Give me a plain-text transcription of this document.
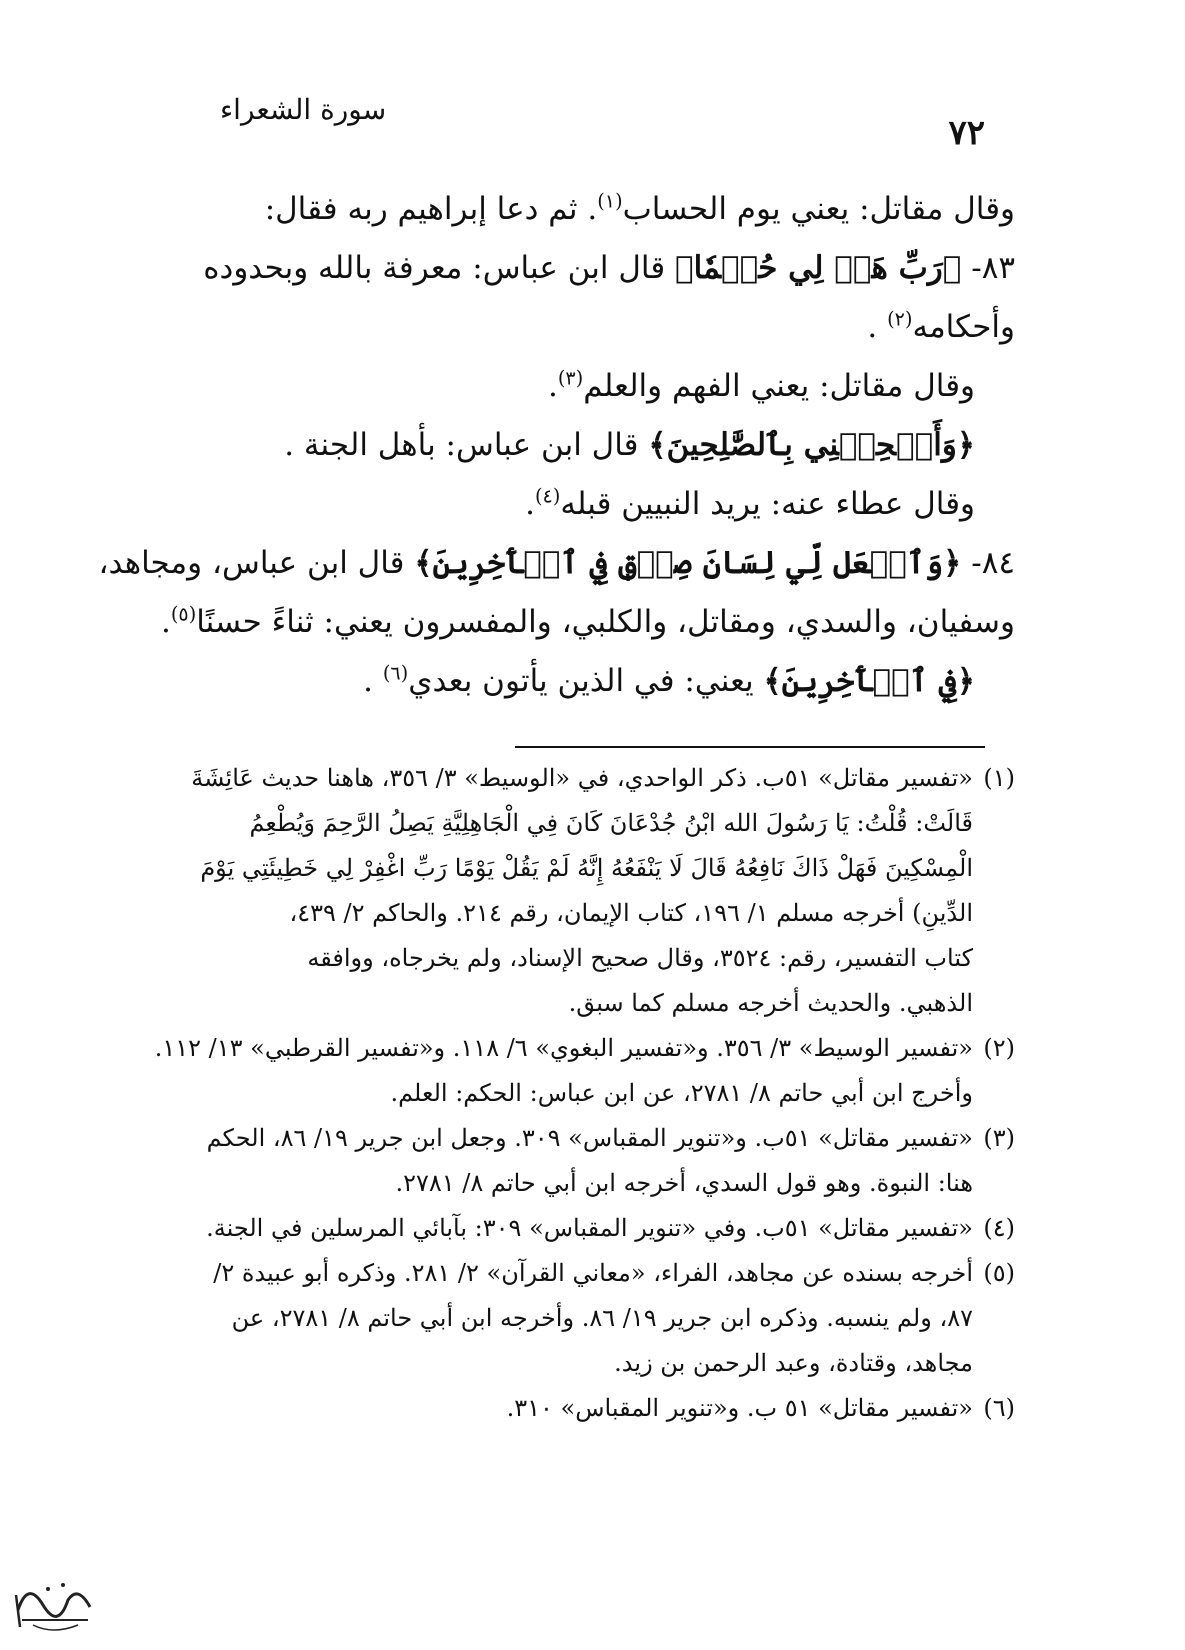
٧٢
سورة الشعراء

وقال مقاتل: يعني يوم الحساب$^{(١)}$. ثم دعا إبراهيم ربه فقال:

٨٣- ﴿رَبِّ هَبۡ لِي حُكۡمٗا﴾ قال ابن عباس: معرفة بالله وبحدوده

وأحكامه$^{(٢)}$ .

وقال مقاتل: يعني الفهم والعلم$^{(٣)}$.

﴿وَأَلۡحِقۡنِي بِٱلصَّٰلِحِينَ﴾ قال ابن عباس: بأهل الجنة .

وقال عطاء عنه: يريد النبيين قبله$^{(٤)}$.

٨٤- ﴿وَٱجۡعَل لِّي لِسَانَ صِدۡقٖ فِي ٱلۡأٓخِرِينَ﴾ قال ابن عباس، ومجاهد،

وسفيان، والسدي، ومقاتل، والكلبي، والمفسرون يعني: ثناءً حسنًا$^{(٥)}$.

﴿فِي ٱلۡأٓخِرِينَ﴾ يعني: في الذين يأتون بعدي$^{(٦)}$ .

(١)
«تفسير مقاتل» ٥١ب. ذكر الواحدي، في «الوسيط» ٣/ ٣٥٦، هاهنا حديث عَائِشَةَ
قَالَتْ: قُلْتُ: يَا رَسُولَ الله ابْنُ جُدْعَانَ كَانَ فِي الْجَاهِلِيَّةِ يَصِلُ الرَّحِمَ وَيُطْعِمُ
الْمِسْكِينَ فَهَلْ ذَاكَ نَافِعُهُ قَالَ لَا يَنْفَعُهُ إِنَّهُ لَمْ يَقُلْ يَوْمًا رَبِّ اغْفِرْ لِي خَطِيئَتِي يَوْمَ
الدِّينِ) أخرجه مسلم ١/ ١٩٦، كتاب الإيمان، رقم ٢١٤. والحاكم ٢/ ٤٣٩،
كتاب التفسير، رقم: ٣٥٢٤، وقال صحيح الإسناد، ولم يخرجاه، ووافقه
الذهبي. والحديث أخرجه مسلم كما سبق.
(٢)
«تفسير الوسيط» ٣/ ٣٥٦. و«تفسير البغوي» ٦/ ١١٨. و«تفسير القرطبي» ١٣/ ١١٢.
وأخرج ابن أبي حاتم ٨/ ٢٧٨١، عن ابن عباس: الحكم: العلم.
(٣)
«تفسير مقاتل» ٥١ب. و«تنوير المقباس» ٣٠٩. وجعل ابن جرير ١٩/ ٨٦، الحكم
هنا: النبوة. وهو قول السدي، أخرجه ابن أبي حاتم ٨/ ٢٧٨١.
(٤)
«تفسير مقاتل» ٥١ب. وفي «تنوير المقباس» ٣٠٩: بآبائي المرسلين في الجنة.
(٥)
أخرجه بسنده عن مجاهد، الفراء، «معاني القرآن» ٢/ ٢٨١. وذكره أبو عبيدة ٢/
٨٧، ولم ينسبه. وذكره ابن جرير ١٩/ ٨٦. وأخرجه ابن أبي حاتم ٨/ ٢٧٨١، عن
مجاهد، وقتادة، وعبد الرحمن بن زيد.
(٦)
«تفسير مقاتل» ٥١ ب. و«تنوير المقباس» ٣١٠.
